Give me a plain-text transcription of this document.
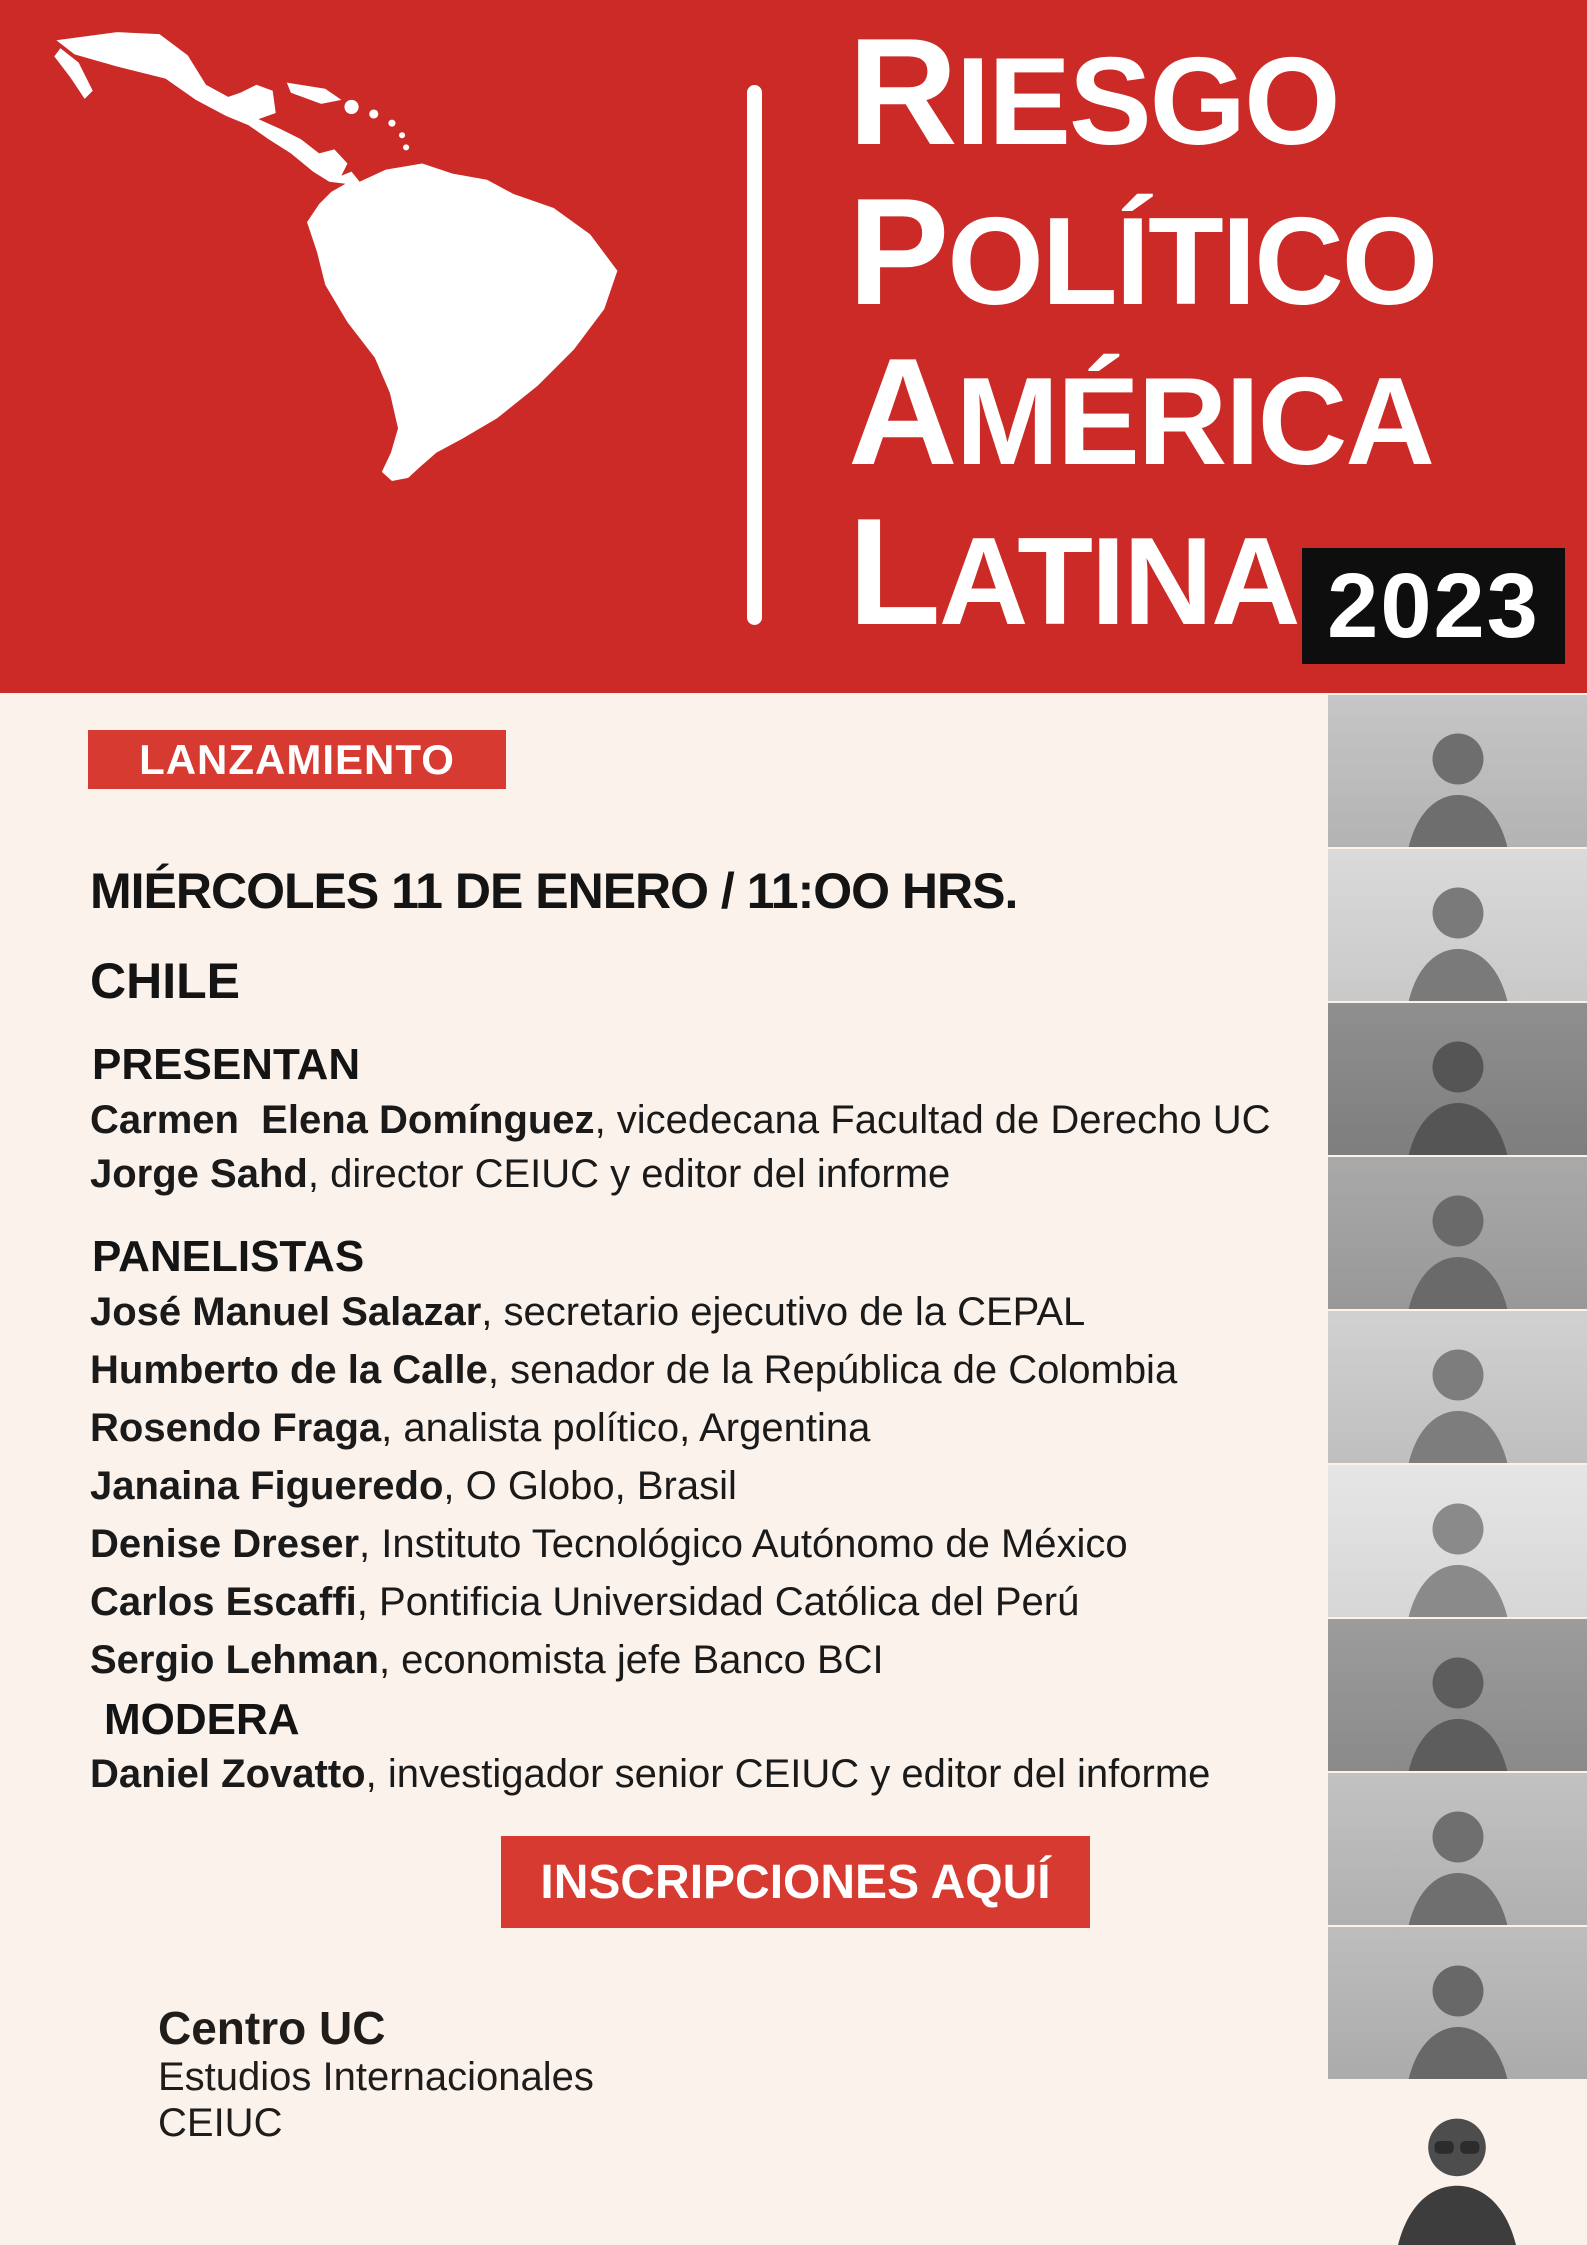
RIESGO
POLÍTICO
AMÉRICA
LATINA 2023
LANZAMIENTO
MIÉRCOLES 11 DE ENERO / 11:OO HRS.
CHILE
PRESENTAN
Carmen  Elena Domínguez, vicedecana Facultad de Derecho UC
Jorge Sahd, director CEIUC y editor del informe
PANELISTAS
José Manuel Salazar, secretario ejecutivo de la CEPAL
Humberto de la Calle, senador de la República de Colombia
Rosendo Fraga, analista político, Argentina
Janaina Figueredo, O Globo, Brasil
Denise Dreser, Instituto Tecnológico Autónomo de México
Carlos Escaffi, Pontificia Universidad Católica del Perú
Sergio Lehman, economista jefe Banco BCI
MODERA
Daniel Zovatto, investigador senior CEIUC y editor del informe
INSCRIPCIONES AQUÍ
Centro UC
Estudios Internacionales
CEIUC
